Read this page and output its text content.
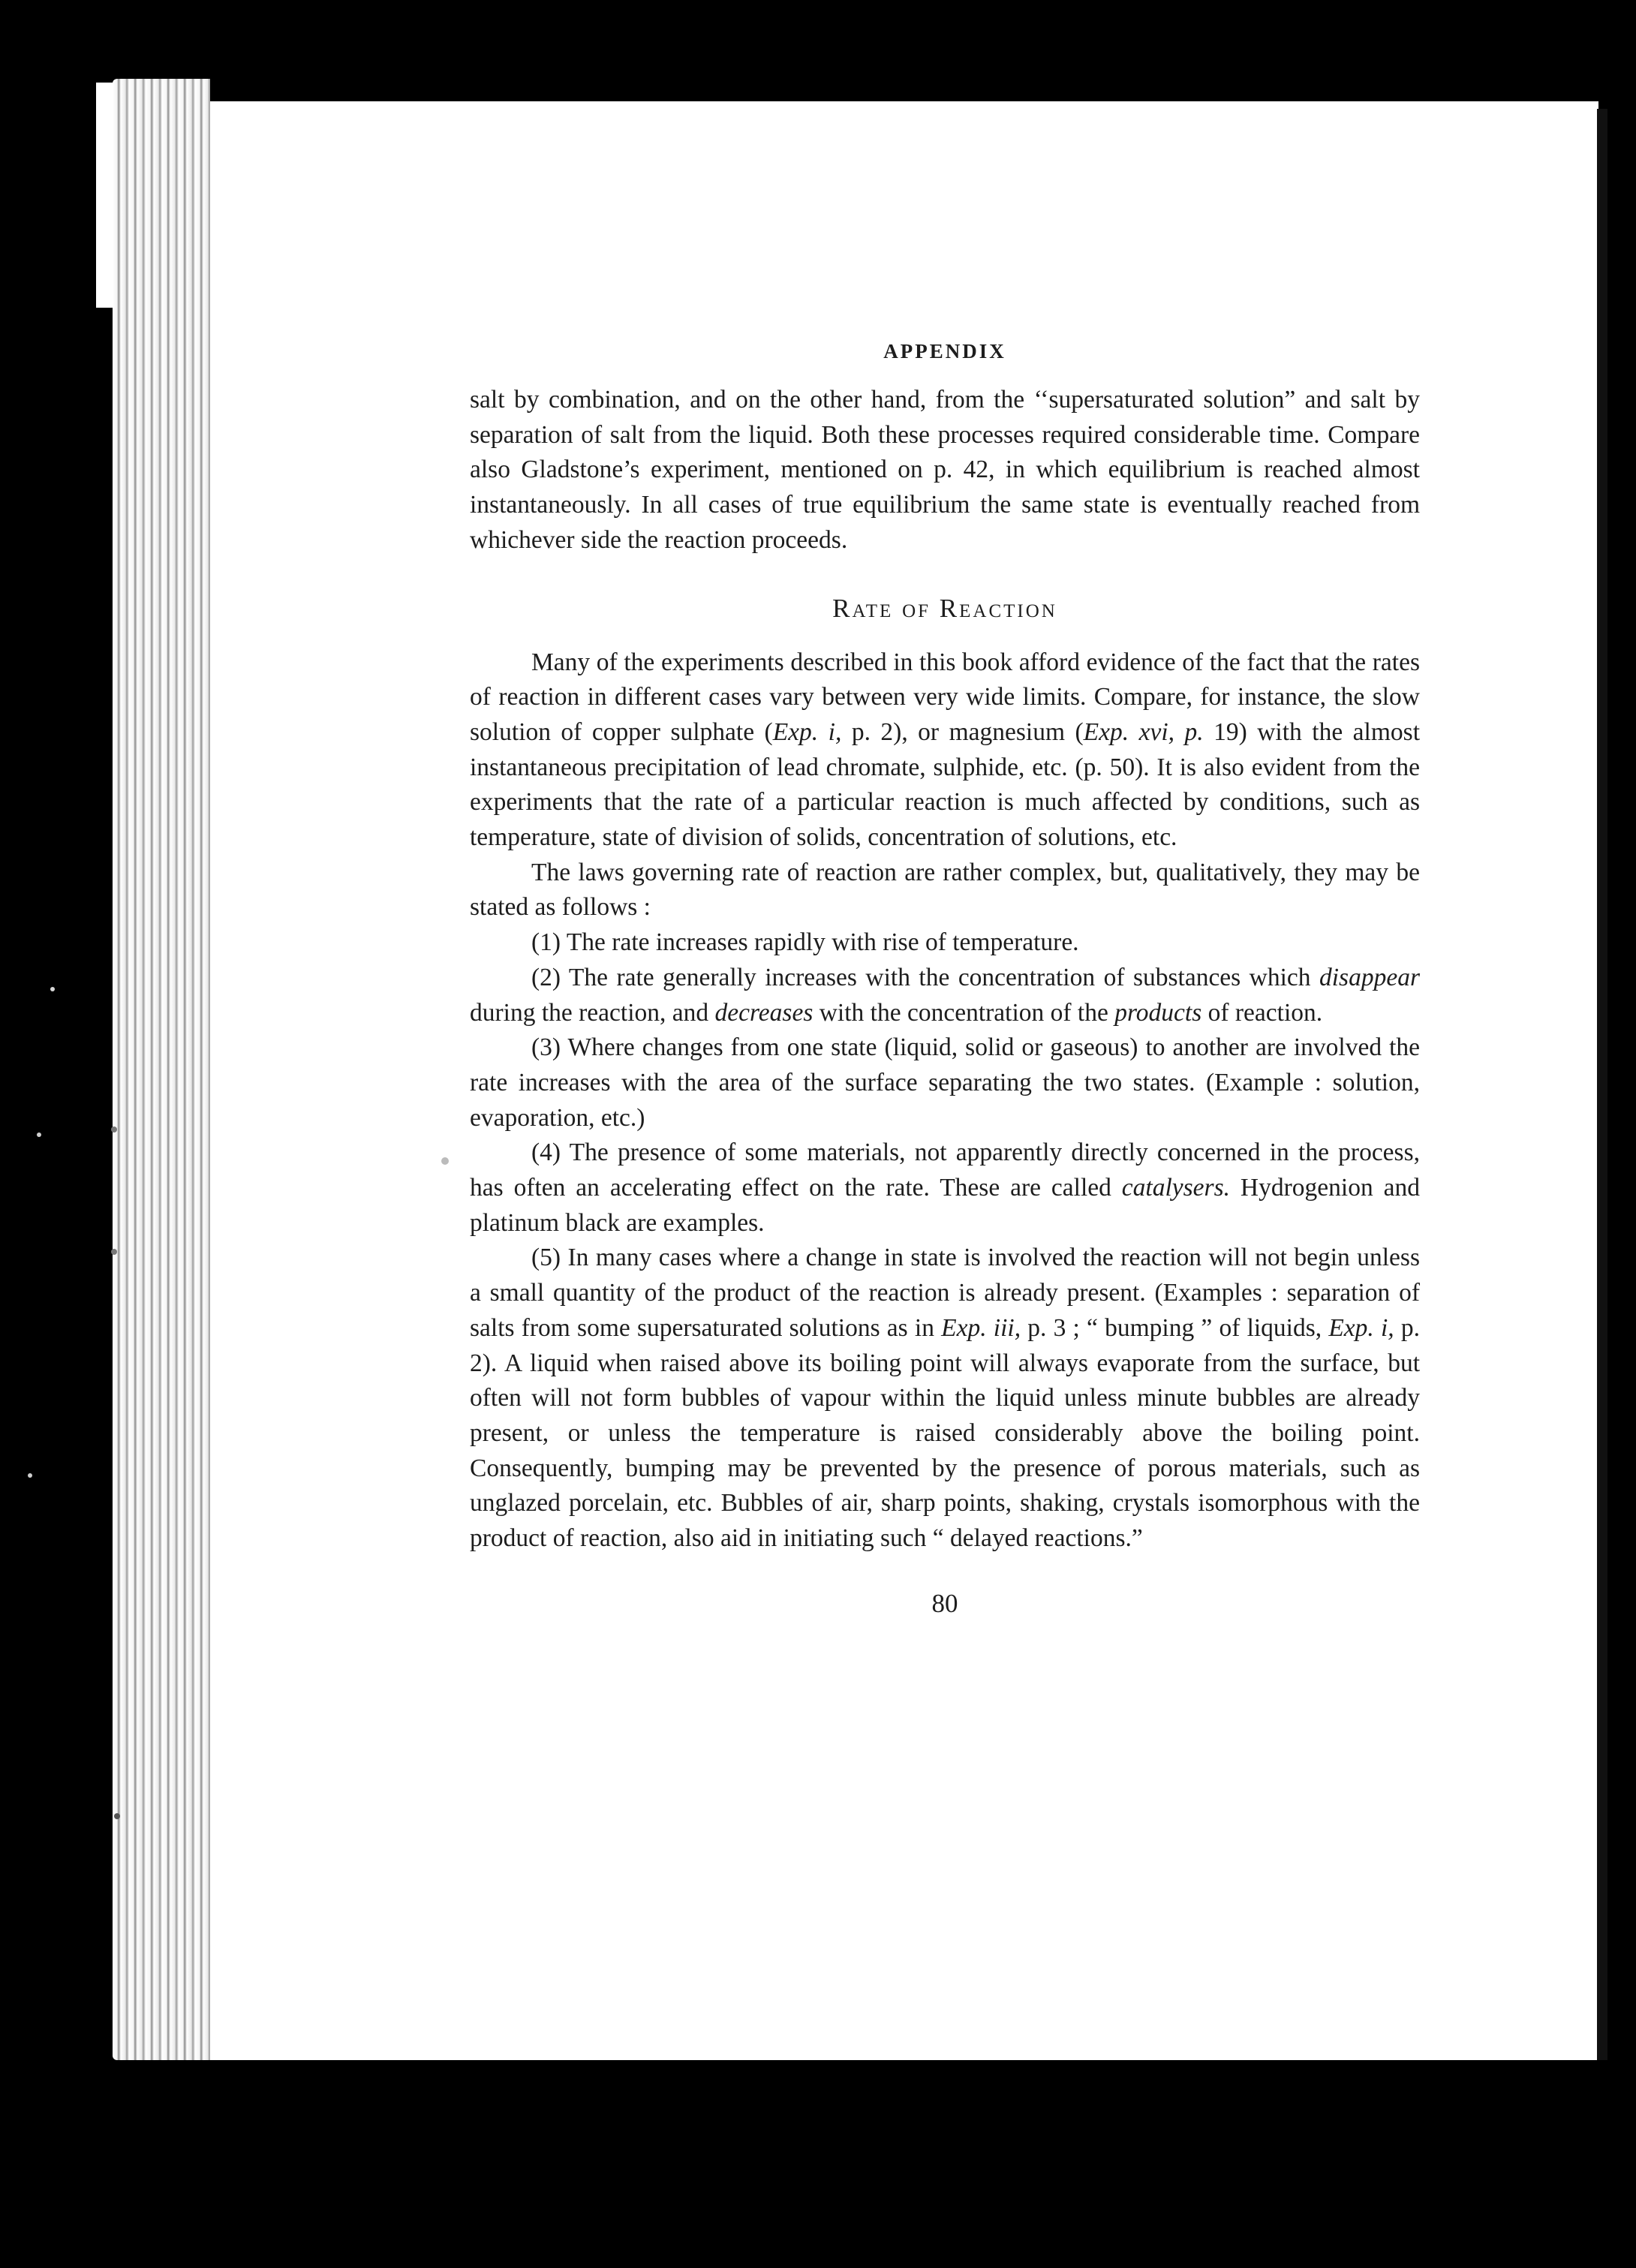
APPENDIX

salt by combination, and on the other hand, from the ‘‘supersaturated solution” and salt by separation of salt from the liquid. Both these processes required considerable time. Compare also Gladstone’s experiment, mentioned on p. 42, in which equilibrium is reached almost instantaneously. In all cases of true equilibrium the same state is eventually reached from whichever side the reaction proceeds.

Rate of Reaction

Many of the experiments described in this book afford evidence of the fact that the rates of reaction in different cases vary between very wide limits. Compare, for instance, the slow solution of copper sulphate (Exp. i, p. 2), or magnesium (Exp. xvi, p. 19) with the almost instantaneous precipitation of lead chromate, sulphide, etc. (p. 50). It is also evident from the experiments that the rate of a particular reaction is much affected by conditions, such as temperature, state of division of solids, concentration of solutions, etc.

The laws governing rate of reaction are rather complex, but, qualitatively, they may be stated as follows :

(1) The rate increases rapidly with rise of temperature.

(2) The rate generally increases with the concentration of substances which disappear during the reaction, and decreases with the concentration of the products of reaction.

(3) Where changes from one state (liquid, solid or gaseous) to another are involved the rate increases with the area of the surface separating the two states. (Example : solution, evaporation, etc.)

(4) The presence of some materials, not apparently directly concerned in the process, has often an accelerating effect on the rate. These are called catalysers. Hydrogenion and platinum black are examples.

(5) In many cases where a change in state is involved the reaction will not begin unless a small quantity of the product of the reaction is already present. (Examples : separation of salts from some supersaturated solutions as in Exp. iii, p. 3 ; “ bumping ” of liquids, Exp. i, p. 2). A liquid when raised above its boiling point will always evaporate from the surface, but often will not form bubbles of vapour within the liquid unless minute bubbles are already present, or unless the temperature is raised considerably above the boiling point. Consequently, bumping may be prevented by the presence of porous materials, such as unglazed porcelain, etc. Bubbles of air, sharp points, shaking, crystals isomorphous with the product of reaction, also aid in initiating such “ delayed reactions.”

80
